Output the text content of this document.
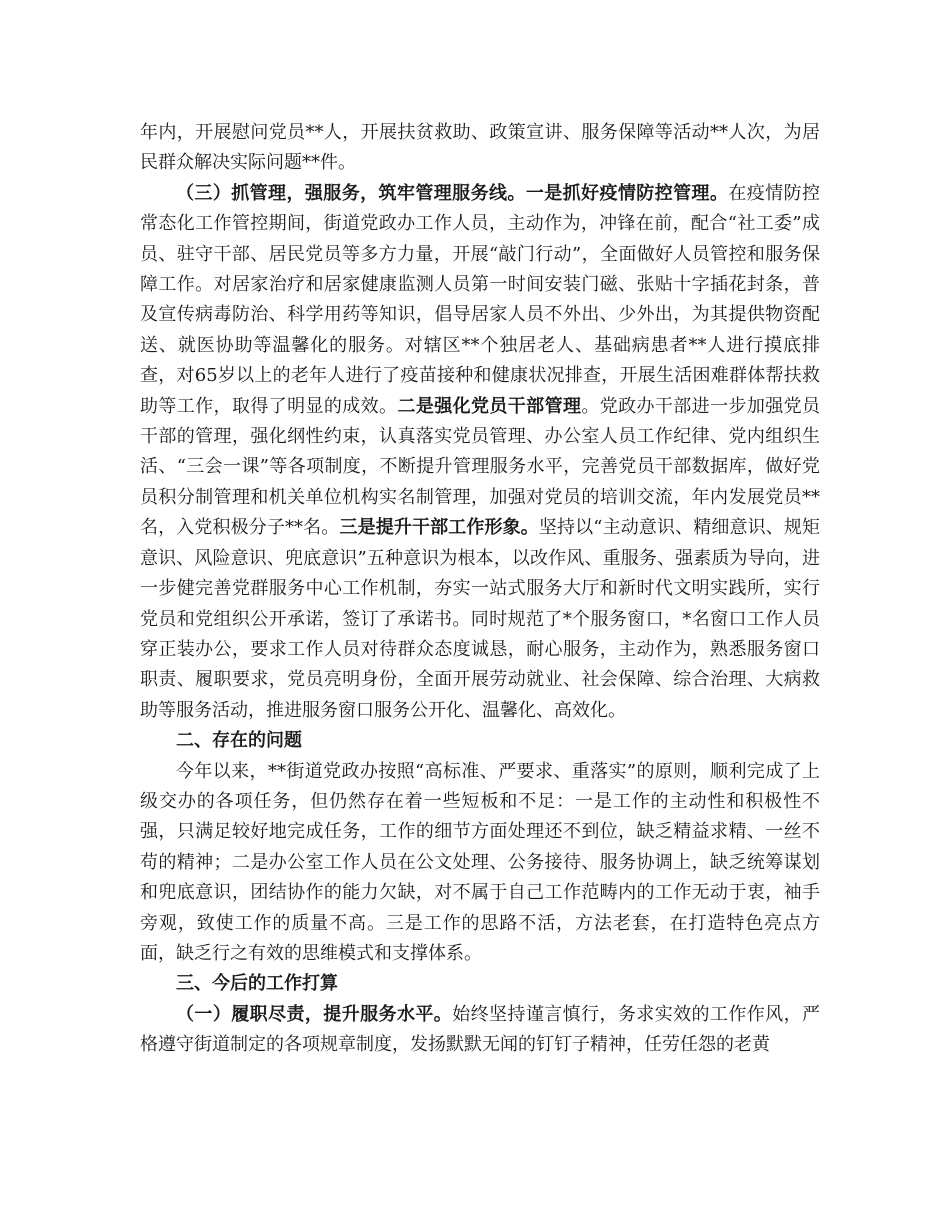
年内，开展慰问党员**人，开展扶贫救助、政策宣讲、服务保障等活动**人次，为居民群众解决实际问题**件。

（三）抓管理，强服务，筑牢管理服务线。一是抓好疫情防控管理。在疫情防控常态化工作管控期间，街道党政办工作人员，主动作为，冲锋在前，配合“社工委”成员、驻守干部、居民党员等多方力量，开展“敲门行动”，全面做好人员管控和服务保障工作。对居家治疗和居家健康监测人员第一时间安装门磁、张贴十字插花封条，普及宣传病毒防治、科学用药等知识，倡导居家人员不外出、少外出，为其提供物资配送、就医协助等温馨化的服务。对辖区**个独居老人、基础病患者**人进行摸底排查，对65岁以上的老年人进行了疫苗接种和健康状况排查，开展生活困难群体帮扶救助等工作，取得了明显的成效。二是强化党员干部管理。党政办干部进一步加强党员干部的管理，强化纲性约束，认真落实党员管理、办公室人员工作纪律、党内组织生活、“三会一课”等各项制度，不断提升管理服务水平，完善党员干部数据库，做好党员积分制管理和机关单位机构实名制管理，加强对党员的培训交流，年内发展党员**名，入党积极分子**名。三是提升干部工作形象。坚持以“主动意识、精细意识、规矩意识、风险意识、兜底意识”五种意识为根本，以改作风、重服务、强素质为导向，进一步健完善党群服务中心工作机制，夯实一站式服务大厅和新时代文明实践所，实行党员和党组织公开承诺，签订了承诺书。同时规范了*个服务窗口，*名窗口工作人员穿正装办公，要求工作人员对待群众态度诚恳，耐心服务，主动作为，熟悉服务窗口职责、履职要求，党员亮明身份，全面开展劳动就业、社会保障、综合治理、大病救助等服务活动，推进服务窗口服务公开化、温馨化、高效化。

二、存在的问题

今年以来，**街道党政办按照“高标准、严要求、重落实”的原则，顺利完成了上级交办的各项任务，但仍然存在着一些短板和不足：一是工作的主动性和积极性不强，只满足较好地完成任务，工作的细节方面处理还不到位，缺乏精益求精、一丝不苟的精神；二是办公室工作人员在公文处理、公务接待、服务协调上，缺乏统筹谋划和兜底意识，团结协作的能力欠缺，对不属于自己工作范畴内的工作无动于衷，袖手旁观，致使工作的质量不高。三是工作的思路不活，方法老套，在打造特色亮点方面，缺乏行之有效的思维模式和支撑体系。

三、今后的工作打算

（一）履职尽责，提升服务水平。始终坚持谨言慎行，务求实效的工作作风，严格遵守街道制定的各项规章制度，发扬默默无闻的钉钉子精神，任劳任怨的老黄
